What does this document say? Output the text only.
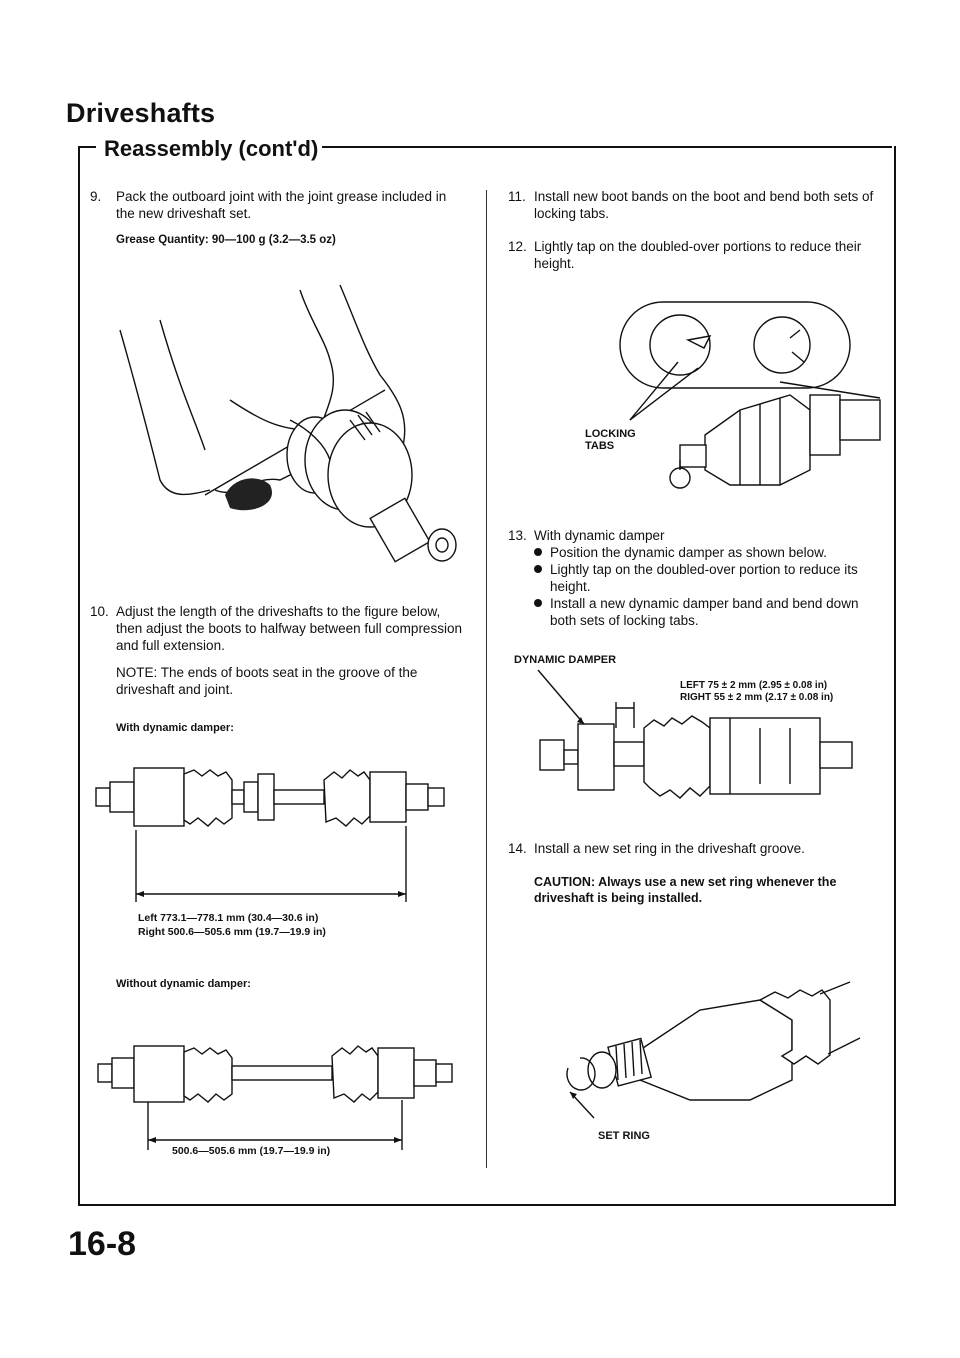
Driveshafts
Reassembly (cont'd)
9. Pack the outboard joint with the joint grease included in the new driveshaft set.
Grease Quantity: 90—100 g (3.2—3.5 oz)
10. Adjust the length of the driveshafts to the figure below, then adjust the boots to halfway between full compression and full extension.
NOTE: The ends of boots seat in the groove of the driveshaft and joint.
With dynamic damper:
Left 773.1—778.1 mm (30.4—30.6 in)
Right 500.6—505.6 mm (19.7—19.9 in)
Without dynamic damper:
500.6—505.6 mm (19.7—19.9 in)
11. Install new boot bands on the boot and bend both sets of locking tabs.
12. Lightly tap on the doubled-over portions to reduce their height.
LOCKING
TABS
13. With dynamic damper
Position the dynamic damper as shown below.
Lightly tap on the doubled-over portion to reduce its height.
Install a new dynamic damper band and bend down both sets of locking tabs.
DYNAMIC DAMPER
LEFT 75 ± 2 mm (2.95 ± 0.08 in)
RIGHT 55 ± 2 mm (2.17 ± 0.08 in)
14. Install a new set ring in the driveshaft groove.
CAUTION: Always use a new set ring whenever the driveshaft is being installed.
SET RING
16-8
